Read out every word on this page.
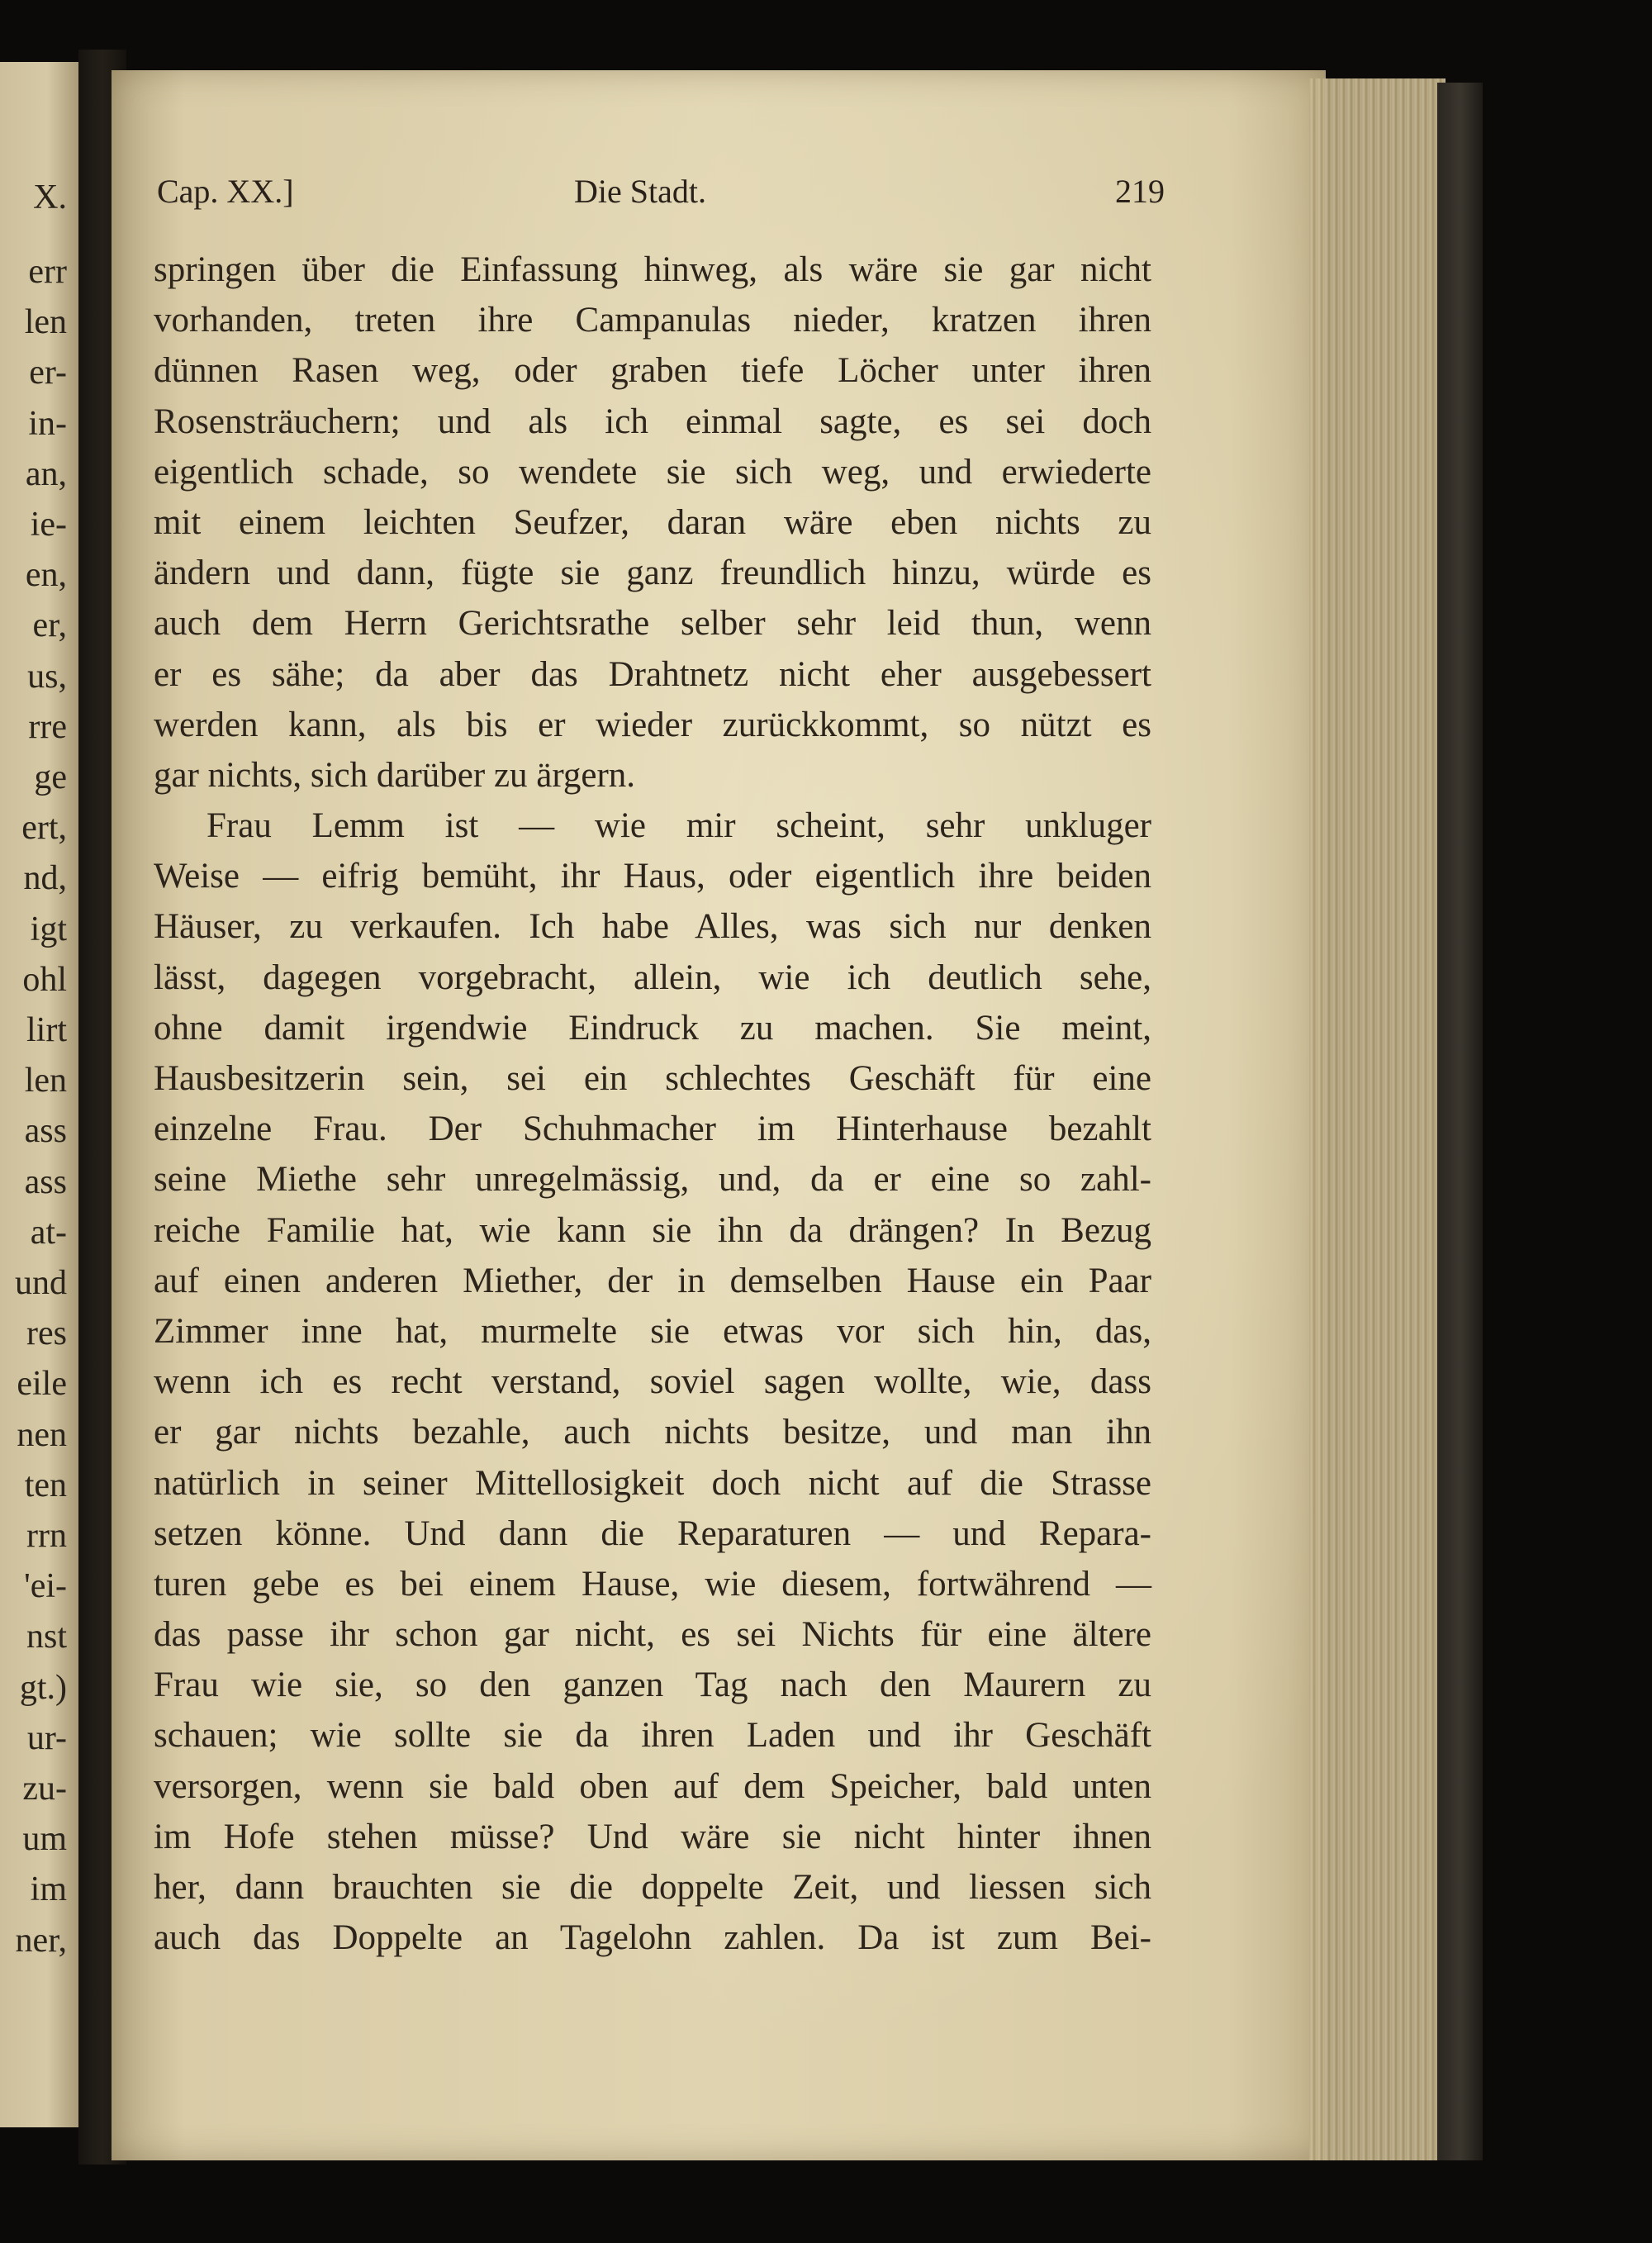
X.
err
len
er-
in-
an,
ie-
en,
er,
us,
rre
ge
ert,
nd,
igt
ohl
lirt
len
ass
ass
at-
und
res
eile
nen
ten
rrn
'ei-
nst
gt.)
ur-
zu-
um
im
ner,
Cap. XX.]	Die Stadt.	219
springen über die Einfassung hinweg, als wäre sie gar nicht
vorhanden, treten ihre Campanulas nieder, kratzen ihren
dünnen Rasen weg, oder graben tiefe Löcher unter ihren
Rosensträuchern; und als ich einmal sagte, es sei doch
eigentlich schade, so wendete sie sich weg, und erwiederte
mit einem leichten Seufzer, daran wäre eben nichts zu
ändern und dann, fügte sie ganz freundlich hinzu, würde es
auch dem Herrn Gerichtsrathe selber sehr leid thun, wenn
er es sähe; da aber das Drahtnetz nicht eher ausgebessert
werden kann, als bis er wieder zurückkommt, so nützt es
gar nichts, sich darüber zu ärgern.
Frau Lemm ist — wie mir scheint, sehr unkluger
Weise — eifrig bemüht, ihr Haus, oder eigentlich ihre beiden
Häuser, zu verkaufen. Ich habe Alles, was sich nur denken
lässt, dagegen vorgebracht, allein, wie ich deutlich sehe,
ohne damit irgendwie Eindruck zu machen. Sie meint,
Hausbesitzerin sein, sei ein schlechtes Geschäft für eine
einzelne Frau. Der Schuhmacher im Hinterhause bezahlt
seine Miethe sehr unregelmässig, und, da er eine so zahl-
reiche Familie hat, wie kann sie ihn da drängen? In Bezug
auf einen anderen Miether, der in demselben Hause ein Paar
Zimmer inne hat, murmelte sie etwas vor sich hin, das,
wenn ich es recht verstand, soviel sagen wollte, wie, dass
er gar nichts bezahle, auch nichts besitze, und man ihn
natürlich in seiner Mittellosigkeit doch nicht auf die Strasse
setzen könne. Und dann die Reparaturen — und Repara-
turen gebe es bei einem Hause, wie diesem, fortwährend —
das passe ihr schon gar nicht, es sei Nichts für eine ältere
Frau wie sie, so den ganzen Tag nach den Maurern zu
schauen; wie sollte sie da ihren Laden und ihr Geschäft
versorgen, wenn sie bald oben auf dem Speicher, bald unten
im Hofe stehen müsse? Und wäre sie nicht hinter ihnen
her, dann brauchten sie die doppelte Zeit, und liessen sich
auch das Doppelte an Tagelohn zahlen. Da ist zum Bei-
